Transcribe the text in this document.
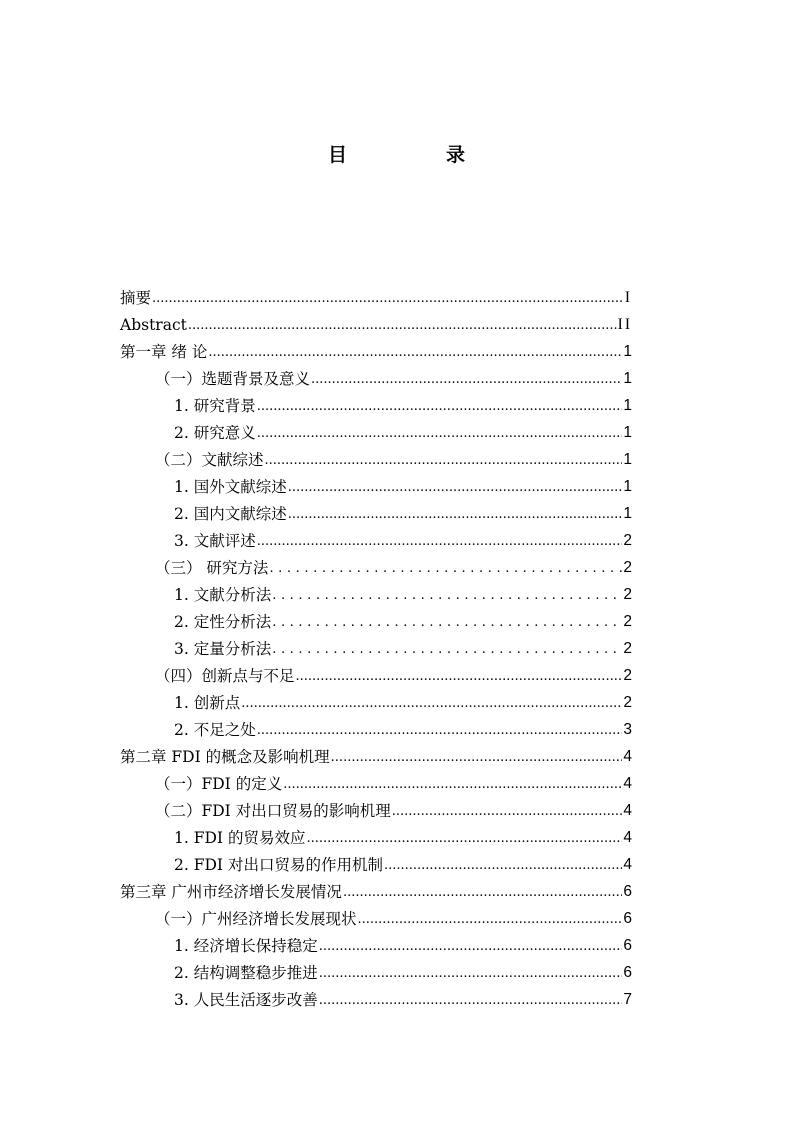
目　录
摘要 .....	I
Abstract .....	II
第一章 绪 论 .....	1
（一）选题背景及意义 .....	1
1. 研究背景 .....	1
2. 研究意义 .....	1
（二）文献综述 .....	1
1. 国外文献综述 .....	1
2. 国内文献综述 .....	1
3. 文献评述 .....	2
（三） 研究方法 .....	2
1. 文献分析法 .....	2
2. 定性分析法 .....	2
3. 定量分析法 .....	2
（四）创新点与不足 .....	2
1. 创新点 .....	2
2. 不足之处 .....	3
第二章 FDI 的概念及影响机理 .....	4
（一）FDI 的定义 .....	4
（二）FDI 对出口贸易的影响机理 .....	4
1. FDI 的贸易效应 .....	4
2. FDI 对出口贸易的作用机制 .....	4
第三章 广州市经济增长发展情况 .....	6
（一）广州经济增长发展现状 .....	6
1. 经济增长保持稳定 .....	6
2. 结构调整稳步推进 .....	6
3. 人民生活逐步改善 .....	7
